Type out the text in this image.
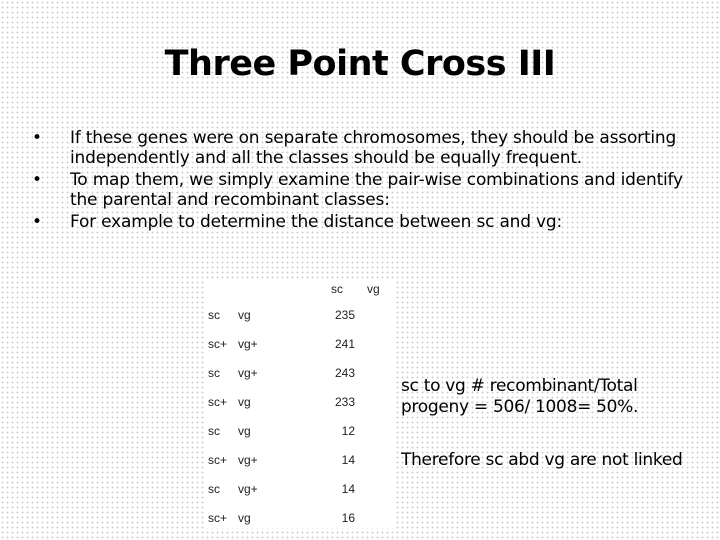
Three Point Cross III
• If these genes were on separate chromosomes, they should be assorting independently and all the classes should be equally frequent.
• To map them, we simply examine the pair-wise combinations and identify the parental and recombinant classes:
• For example to determine the distance between sc and vg:
sc vg
sc vg	235
sc+ vg+	241
sc vg+	243
sc+ vg	233
sc vg	12
sc+ vg+	14
sc vg+	14
sc+ vg	16
sc to vg # recombinant/Total
progeny = 506/ 1008= 50%.
Therefore sc abd vg are not linked
